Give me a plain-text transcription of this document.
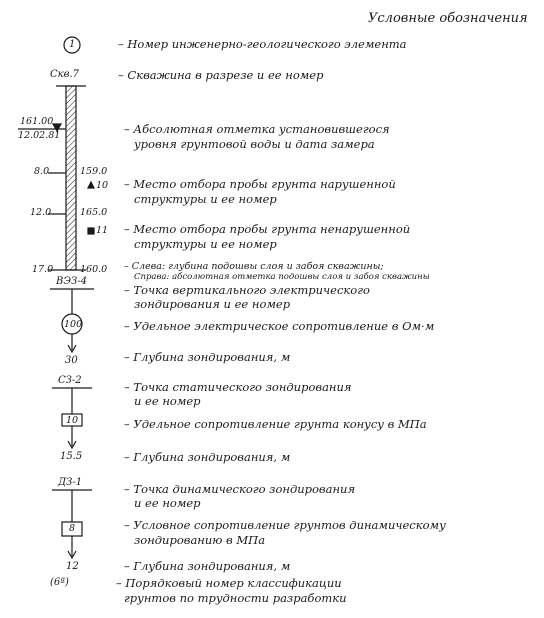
Условные обозначения
1	– Номер инженерно-геологического элемента
Скв.7	– Скважина в разрезе и ее номер
161.00
12.02.81	– Абсолютная отметка установившегося
уровня грунтовой воды и дата замера
8.0	159.0
10 – Место отбора пробы грунта нарушенной
структуры и ее номер
12.0	165.0
11 – Место отбора пробы грунта ненарушенной
структуры и ее номер
17.0	160.0 – Слева: глубина подошвы слоя и забоя скважины;
Справа: абсолютная отметка подошвы слоя и забоя скважины
ВЭЗ-4
– Точка вертикального электрического
зондирования и ее номер
100	– Удельное электрическое сопротивление в Ом·м
30	– Глубина зондирования, м
СЗ-2	– Точка статического зондирования
и ее номер
10	– Удельное сопротивление грунта конусу в МПа
15.5	– Глубина зондирования, м
ДЗ-1	– Точка динамического зондирования
и ее номер
8	– Условное сопротивление грунтов динамическому
зондированию в МПа
12	– Глубина зондирования, м
(6ª)	– Порядковый номер классификации
грунтов по трудности разработки
